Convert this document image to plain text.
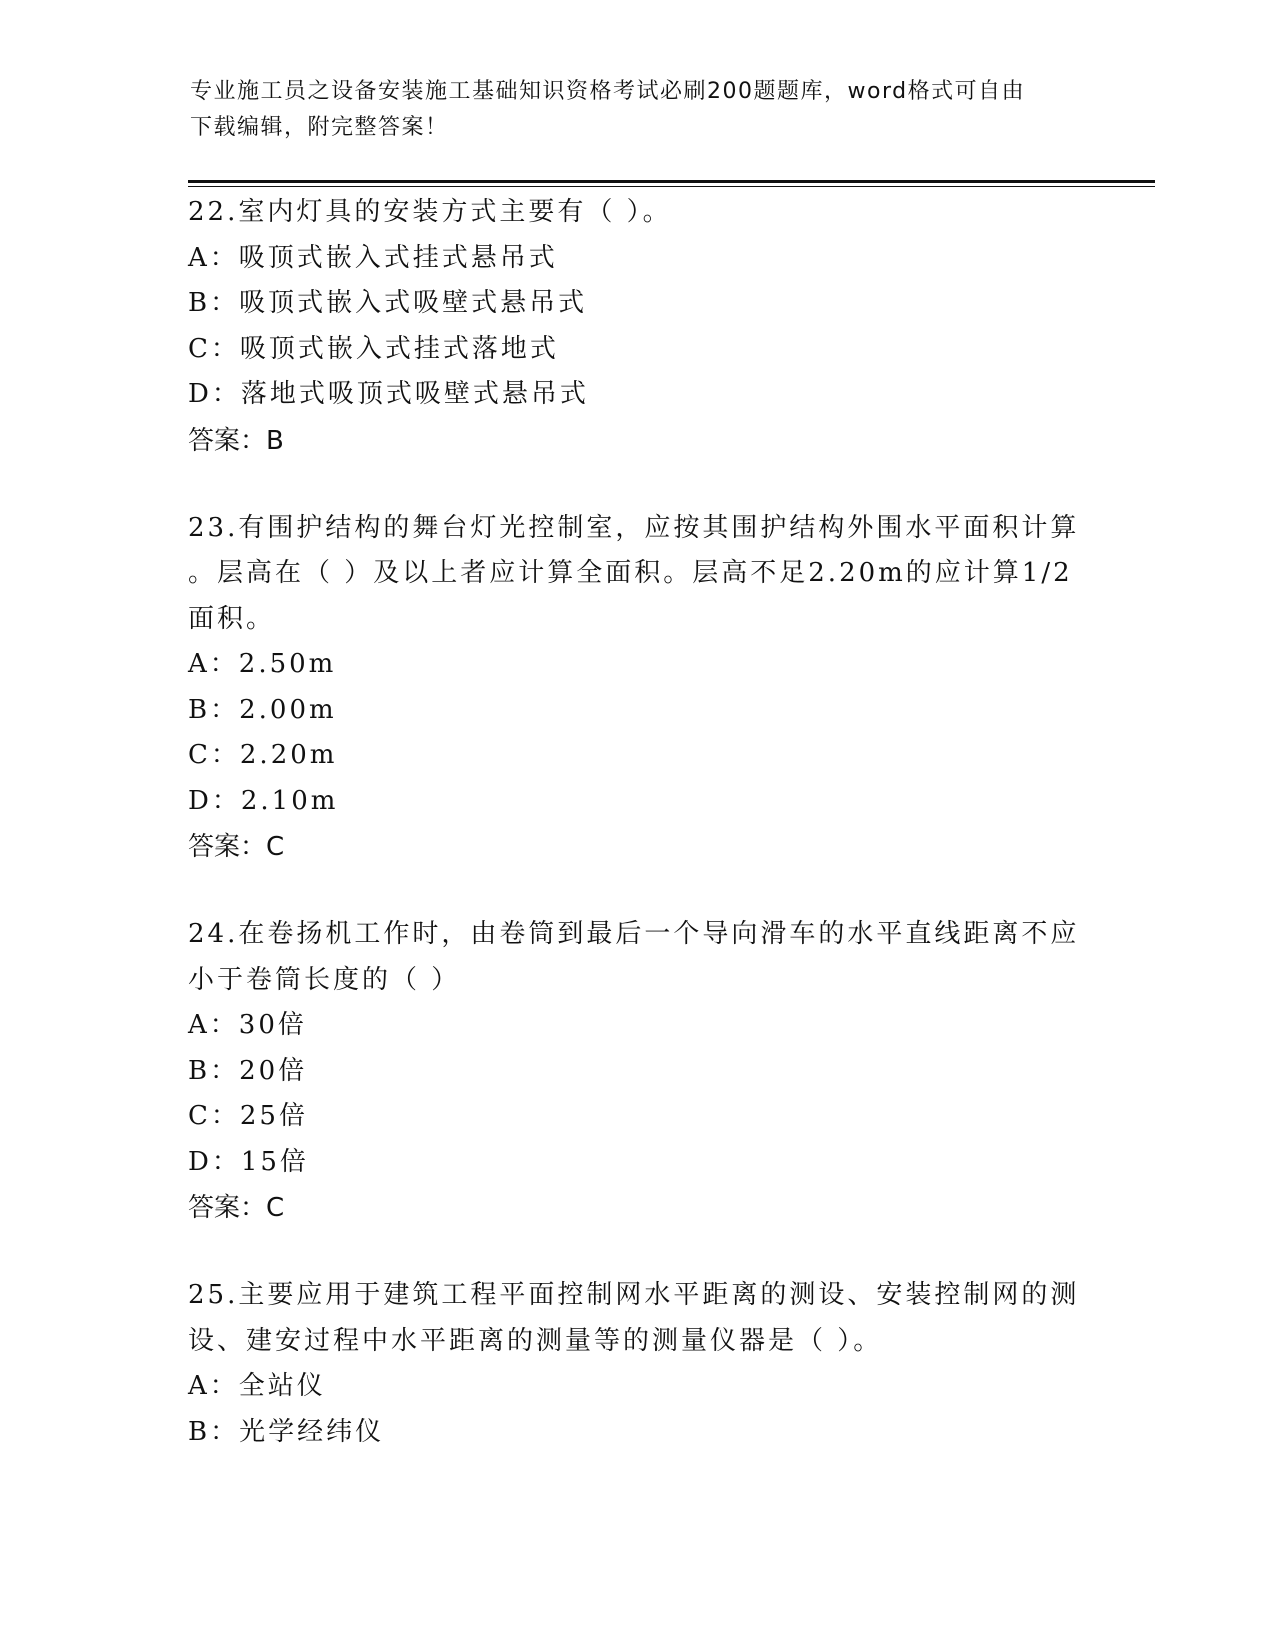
专业施工员之设备安装施工基础知识资格考试必刷200题题库，word格式可自由
下载编辑，附完整答案！

22.室内灯具的安装方式主要有（ ）。

A：吸顶式嵌入式挂式悬吊式

B：吸顶式嵌入式吸壁式悬吊式

C：吸顶式嵌入式挂式落地式

D：落地式吸顶式吸壁式悬吊式

答案：B

23.有围护结构的舞台灯光控制室，应按其围护结构外围水平面积计算

。层高在（ ）及以上者应计算全面积。层高不足2.20m的应计算1/2

面积。

A：2.50m

B：2.00m

C：2.20m

D：2.10m

答案：C

24.在卷扬机工作时，由卷筒到最后一个导向滑车的水平直线距离不应

小于卷筒长度的（ ）

A：30倍

B：20倍

C：25倍

D：15倍

答案：C

25.主要应用于建筑工程平面控制网水平距离的测设、安装控制网的测

设、建安过程中水平距离的测量等的测量仪器是（ ）。

A：全站仪

B：光学经纬仪
